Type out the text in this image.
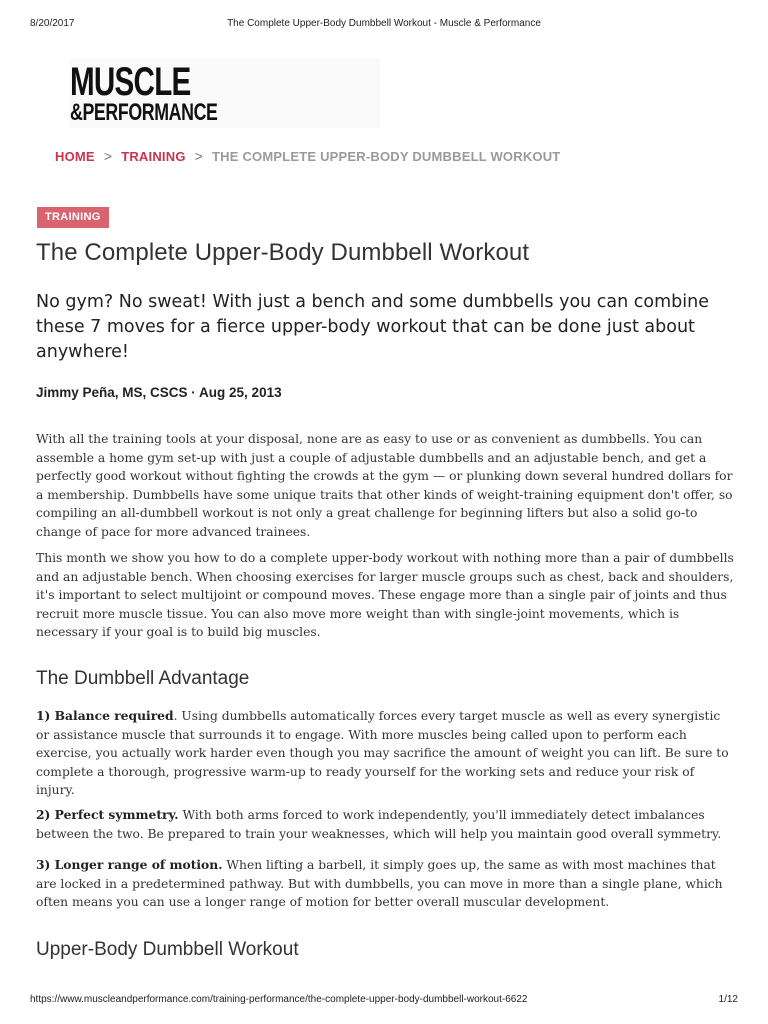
8/20/2017	The Complete Upper-Body Dumbbell Workout - Muscle & Performance
MUSCLE
&PERFORMANCE
HOME > TRAINING > THE COMPLETE UPPER-BODY DUMBBELL WORKOUT
TRAINING
The Complete Upper-Body Dumbbell Workout

No gym? No sweat! With just a bench and some dumbbells you can combine these 7 moves for a fierce upper-body workout that can be done just about anywhere!

Jimmy Peña, MS, CSCS · Aug 25, 2013

With all the training tools at your disposal, none are as easy to use or as convenient as dumbbells. You can assemble a home gym set-up with just a couple of adjustable dumbbells and an adjustable bench, and get a perfectly good workout without fighting the crowds at the gym — or plunking down several hundred dollars for a membership. Dumbbells have some unique traits that other kinds of weight-training equipment don't offer, so compiling an all-dumbbell workout is not only a great challenge for beginning lifters but also a solid go-to change of pace for more advanced trainees.

This month we show you how to do a complete upper-body workout with nothing more than a pair of dumbbells and an adjustable bench. When choosing exercises for larger muscle groups such as chest, back and shoulders, it's important to select multijoint or compound moves. These engage more than a single pair of joints and thus recruit more muscle tissue. You can also move more weight than with single-joint movements, which is necessary if your goal is to build big muscles.

The Dumbbell Advantage

1) Balance required. Using dumbbells automatically forces every target muscle as well as every synergistic or assistance muscle that surrounds it to engage. With more muscles being called upon to perform each exercise, you actually work harder even though you may sacrifice the amount of weight you can lift. Be sure to complete a thorough, progressive warm-up to ready yourself for the working sets and reduce your risk of injury.

2) Perfect symmetry. With both arms forced to work independently, you'll immediately detect imbalances between the two. Be prepared to train your weaknesses, which will help you maintain good overall symmetry.

3) Longer range of motion. When lifting a barbell, it simply goes up, the same as with most machines that are locked in a predetermined pathway. But with dumbbells, you can move in more than a single plane, which often means you can use a longer range of motion for better overall muscular development.

Upper-Body Dumbbell Workout
https://www.muscleandperformance.com/training-performance/the-complete-upper-body-dumbbell-workout-6622	1/12
